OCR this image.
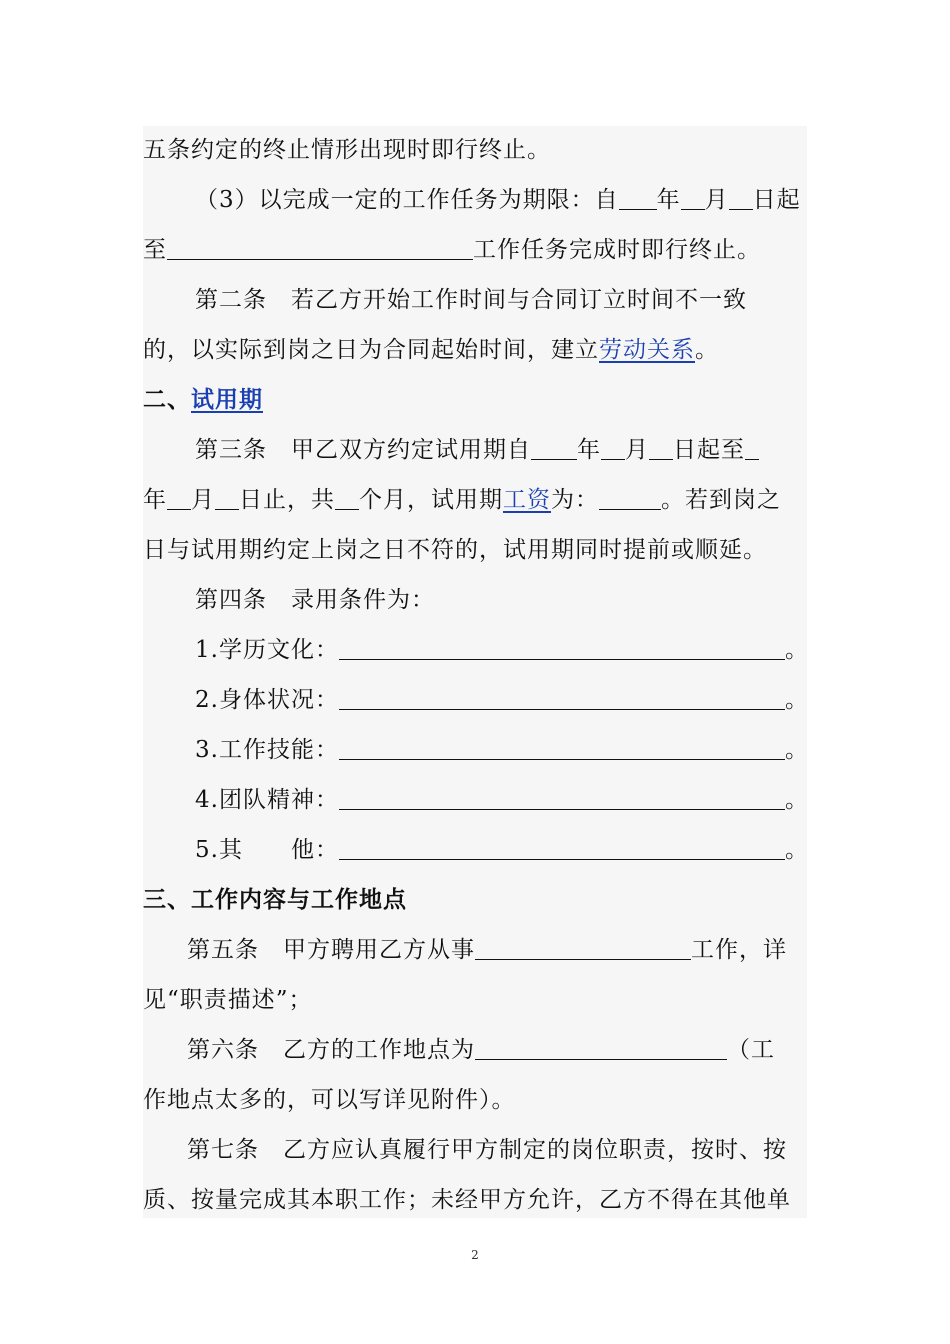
五条约定的终止情形出现时即行终止。
（3）以完成一定的工作任务为期限：自 年 月 日起
至	工作任务完成时即行终止。
第二条　若乙方开始工作时间与合同订立时间不一致
的，以实际到岗之日为合同起始时间，建立劳动关系。
二、试用期
第三条　甲乙双方约定试用期自 年 月 日起至
年 月 日止，共 个月，试用期工资为：	。若到岗之
日与试用期约定上岗之日不符的，试用期同时提前或顺延。
第四条　录用条件为：
1.学历文化：	。
2.身体状况：	。
3.工作技能：	。
4.团队精神：	。
5.其　　他：	。
三、工作内容与工作地点
第五条　甲方聘用乙方从事	工作，详
见“职责描述”；
第六条　乙方的工作地点为	（工
作地点太多的，可以写详见附件）。
第七条　乙方应认真履行甲方制定的岗位职责，按时、按
质、按量完成其本职工作；未经甲方允许，乙方不得在其他单
2
